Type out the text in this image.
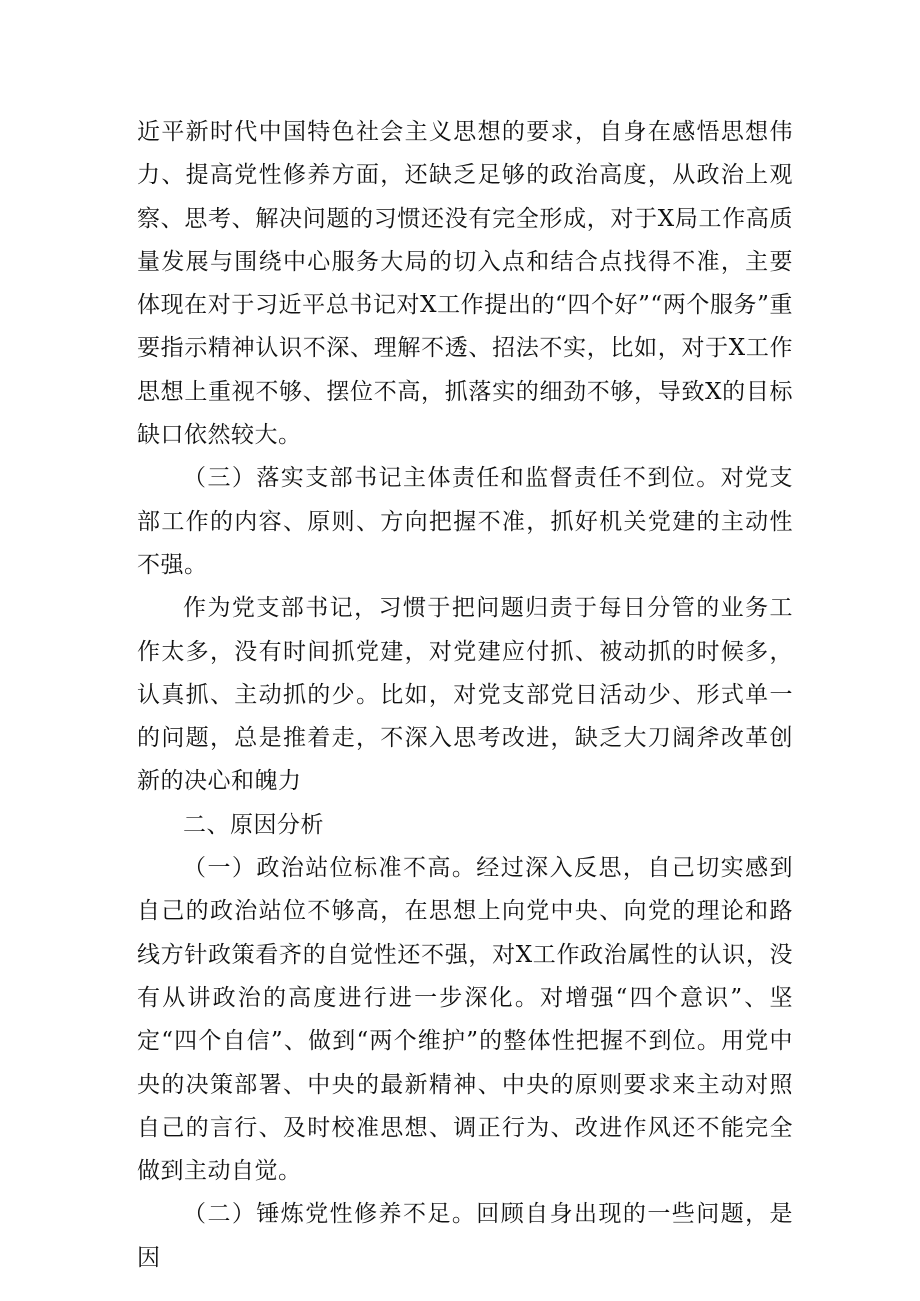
近平新时代中国特色社会主义思想的要求，自身在感悟思想伟力、提高党性修养方面，还缺乏足够的政治高度，从政治上观察、思考、解决问题的习惯还没有完全形成，对于X局工作高质量发展与围绕中心服务大局的切入点和结合点找得不准，主要体现在对于习近平总书记对X工作提出的“四个好”“两个服务”重要指示精神认识不深、理解不透、招法不实，比如，对于X工作思想上重视不够、摆位不高，抓落实的细劲不够，导致X的目标缺口依然较大。

（三）落实支部书记主体责任和监督责任不到位。对党支部工作的内容、原则、方向把握不准，抓好机关党建的主动性不强。

作为党支部书记，习惯于把问题归责于每日分管的业务工作太多，没有时间抓党建，对党建应付抓、被动抓的时候多，认真抓、主动抓的少。比如，对党支部党日活动少、形式单一的问题，总是推着走，不深入思考改进，缺乏大刀阔斧改革创新的决心和魄力

二、原因分析

（一）政治站位标准不高。经过深入反思，自己切实感到自己的政治站位不够高，在思想上向党中央、向党的理论和路线方针政策看齐的自觉性还不强，对X工作政治属性的认识，没有从讲政治的高度进行进一步深化。对增强“四个意识”、坚定“四个自信”、做到“两个维护”的整体性把握不到位。用党中央的决策部署、中央的最新精神、中央的原则要求来主动对照自己的言行、及时校准思想、调正行为、改进作风还不能完全做到主动自觉。

（二）锤炼党性修养不足。回顾自身出现的一些问题，是因
